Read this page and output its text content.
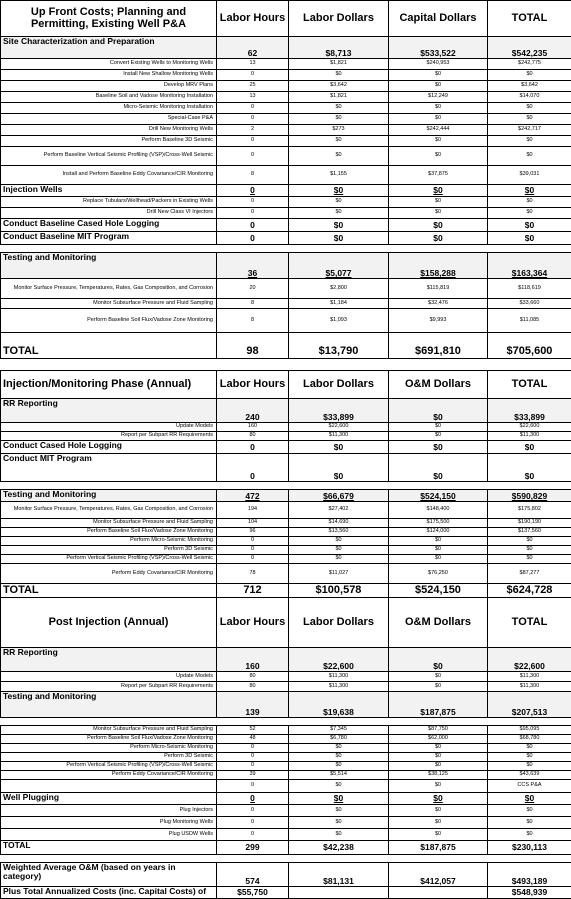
Up Front Costs; Planning and Permitting, Existing Well P&A	Labor Hours	Labor Dollars	Capital Dollars	TOTAL
Site Characterization and Preparation	62	$8,713	$533,522	$542,235
Convert Existing Wells to Monitoring Wells	13	$1,821	$240,953	$242,775
Install New Shallow Monitoring Wells	0	$0	$0	$0
Develop MRV Plans	25	$3,642	$0	$3,642
Baseline Soil and Vadose Monitoring Installation	13	$1,821	$12,249	$14,070
Micro-Seismic Monitoring Installation	0	$0	$0	$0
Special-Case P&A	0	$0	$0	$0
Drill New Monitoring Wells	2	$273	$242,444	$242,717
Perform Baseline 3D Seismic	0	$0	$0	$0
Perform Baseline Vertical Seismic Profiling (VSP)/Cross-Well Seismic	0	$0	$0	$0
Install and Perform Baseline Eddy Covariance/CIR Monitoring	8	$1,155	$37,875	$39,031
Injection Wells	0	$0	$0	$0
Replace Tubulars/Wellhead/Packers in Existing Wells	0	$0	$0	$0
Drill New Class VI Injectors	0	$0	$0	$0
Conduct Baseline Cased Hole Logging	0	$0	$0	$0
Conduct Baseline MIT Program	0	$0	$0	$0

Testing and Monitoring	36	$5,077	$158,288	$163,364
Monitor Surface Pressure, Temperatures, Rates, Gas Composition, and Corrosion	20	$2,800	$115,819	$118,619
Monitor Subsurface Pressure and Fluid Sampling	8	$1,184	$32,476	$33,660
Perform Baseline Soil Flux/Vadose Zone Monitoring	8	$1,093	$9,993	$11,085
TOTAL	98	$13,790	$691,810	$705,600

Injection/Monitoring Phase (Annual)	Labor Hours	Labor Dollars	O&M Dollars	TOTAL
RR Reporting	240	$33,899	$0	$33,899
Update Models	160	$22,600	$0	$22,600
Report per Subpart RR Requirements	80	$11,300	$0	$11,300
Conduct Cased Hole Logging	0	$0	$0	$0
Conduct MIT Program	0	$0	$0	$0

Testing and Monitoring	472	$66,679	$524,150	$590,829
Monitor Surface Pressure, Temperatures, Rates, Gas Composition, and Corrosion	194	$27,402	$148,400	$175,802
Monitor Subsurface Pressure and Fluid Sampling	104	$14,690	$175,500	$190,190
Perform Baseline Soil Flux/Vadose Zone Monitoring	96	$13,560	$124,000	$137,560
Perform Micro-Seismic Monitoring	0	$0	$0	$0
Perform 3D Seismic	0	$0	$0	$0
Perform Vertical Seismic Profiling (VSP)/Cross-Well Seismic	0	$0	$0	$0
Perform Eddy Covariance/CIR Monitoring	78	$11,027	$76,250	$87,277
TOTAL	712	$100,578	$524,150	$624,728
Post Injection (Annual)	Labor Hours	Labor Dollars	O&M Dollars	TOTAL
RR Reporting	160	$22,600	$0	$22,600
Update Models	80	$11,300	$0	$11,300
Report per Subpart RR Requirements	80	$11,300	$0	$11,300
Testing and Monitoring	139	$19,638	$187,875	$207,513

Monitor Subsurface Pressure and Fluid Sampling	52	$7,345	$87,750	$95,095
Perform Baseline Soil Flux/Vadose Zone Monitoring	48	$6,780	$62,000	$68,780
Perform Micro-Seismic Monitoring	0	$0	$0	$0
Perform 3D Seismic	0	$0	$0	$0
Perform Vertical Seismic Profiling (VSP)/Cross-Well Seismic	0	$0	$0	$0
Perform Eddy Covariance/CIR Monitoring	39	$5,514	$38,125	$43,639
	0	$0	$0	CCS P&A
Well Plugging	0	$0	$0	$0
Plug Injectors	0	$0	$0	$0
Plug Monitoring Wells	0	$0	$0	$0
Plug USDW Wells	0	$0	$0	$0
TOTAL	299	$42,238	$187,875	$230,113

Weighted Average O&M (based on years in category)	574	$81,131	$412,057	$493,189
Plus Total Annualized Costs (inc. Capital Costs) of	$55,750			$548,939
